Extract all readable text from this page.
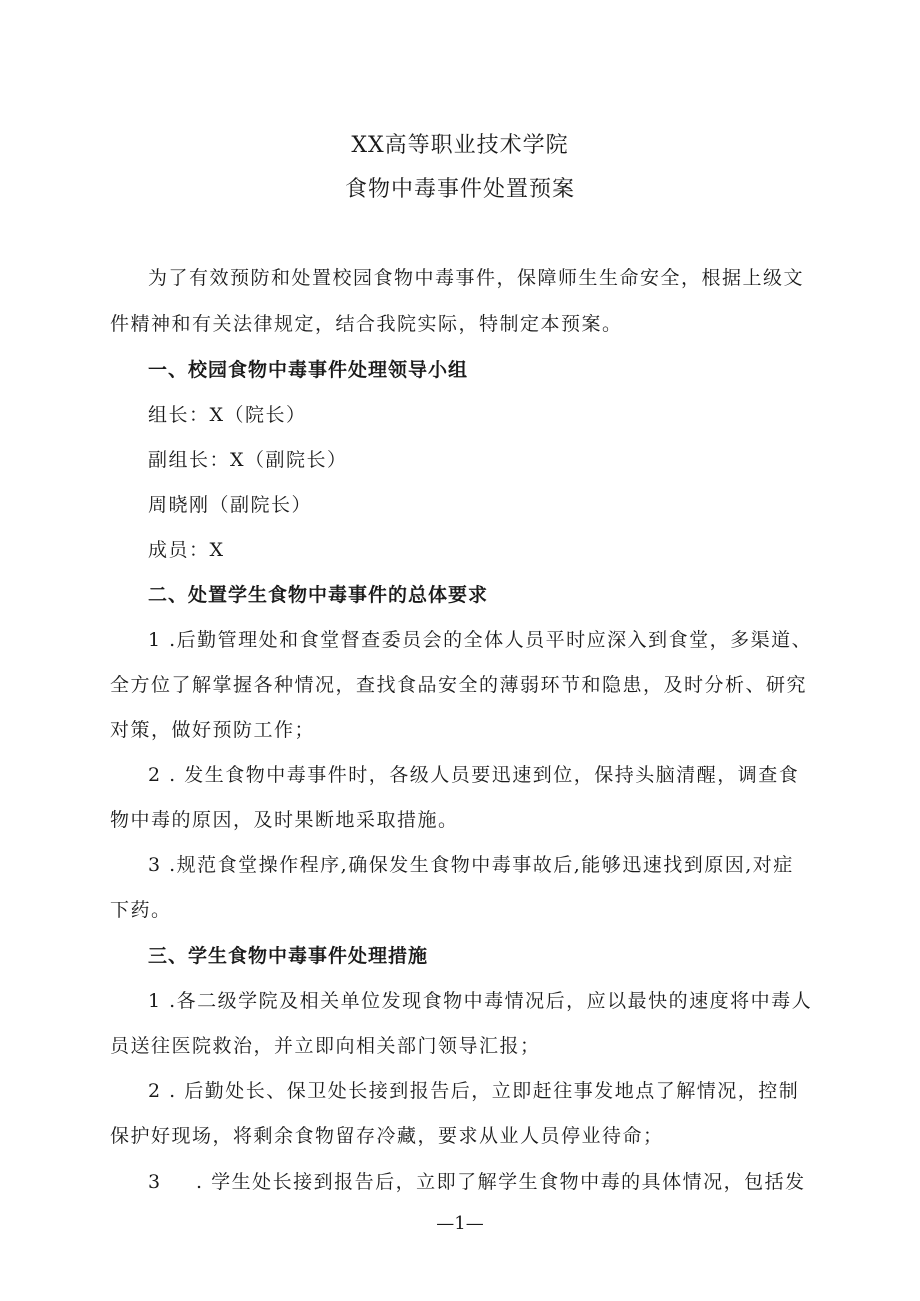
XX高等职业技术学院
食物中毒事件处置预案
为了有效预防和处置校园食物中毒事件，保障师生生命安全，根据上级文
件精神和有关法律规定，结合我院实际，特制定本预案。
一、校园食物中毒事件处理领导小组
组长：X（院长）
副组长：X（副院长）
周晓刚（副院长）
成员：X
二、处置学生食物中毒事件的总体要求
1 .后勤管理处和食堂督查委员会的全体人员平时应深入到食堂，多渠道、
全方位了解掌握各种情况，查找食品安全的薄弱环节和隐患，及时分析、研究
对策，做好预防工作；
2 . 发生食物中毒事件时，各级人员要迅速到位，保持头脑清醒，调查食
物中毒的原因，及时果断地采取措施。
3 .规范食堂操作程序,确保发生食物中毒事故后,能够迅速找到原因,对症
下药。
三、学生食物中毒事件处理措施
1 .各二级学院及相关单位发现食物中毒情况后，应以最快的速度将中毒人
员送往医院救治，并立即向相关部门领导汇报；
2 . 后勤处长、保卫处长接到报告后，立即赶往事发地点了解情况，控制
保护好现场，将剩余食物留存冷藏，要求从业人员停业待命；
3 . 学生处长接到报告后，立即了解学生食物中毒的具体情况，包括发
—1—
